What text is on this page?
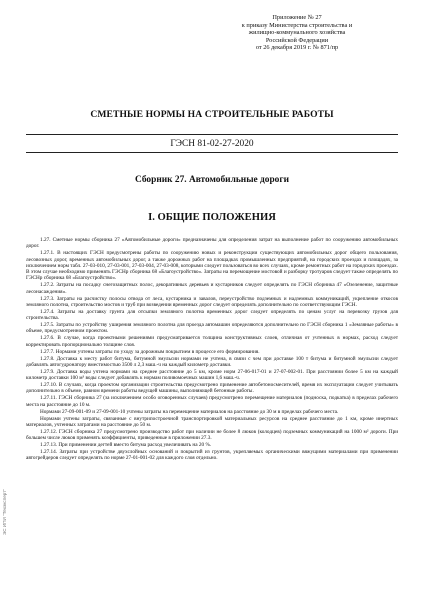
Приложение № 27
к приказу Министерства строительства и
жилищно-коммунального хозяйства
Российской Федерации
от 26 декабря 2019 г. № 871/пр
СМЕТНЫЕ НОРМЫ НА СТРОИТЕЛЬНЫЕ РАБОТЫ
ГЭСН 81-02-27-2020
Сборник 27. Автомобильные дороги
I. ОБЩИЕ ПОЛОЖЕНИЯ

1.27. Сметные нормы сборника 27 «Автомобильные дороги» предназначены для определения затрат на выполнение работ по сооружению автомобильных дорог.

1.27.1. В настоящих ГЭСН предусмотрены работы по сооружению новых и реконструкции существующих автомобильных дорог общего пользования, лесовозных дорог, временных автомобильных дорог, а также дорожных работ на площадках промышленных предприятий, на городских проездах и площадях, за исключением норм табл. 27-03-010, 27-03-001, 27-03-004, 27-03-008, которыми следует пользоваться во всех случаях, кроме ремонтных работ на городских проездах. В этом случае необходимо применять ГЭСНр сборника 68 «Благоустройство». Затраты на перемощение мостовой и разборку тротуаров следует также определять по ГЭСНр сборника 68 «Благоустройство».

1.27.2. Затраты на посадку снегозащитных полос, декоративных деревьев и кустарников следует определять по ГЭСН сборника 47 «Озеленение, защитные лесонасаждения».

1.27.3. Затраты на расчистку полосы отвода от леса, кустарника и завалов, переустройство подземных и надземных коммуникаций, укрепление откосов земляного полотна, строительство мостов и труб при возведении временных дорог следует определять дополнительно по соответствующим ГЭСН.

1.27.4. Затраты на доставку грунта для отсыпки земляного полотна временных дорог следует определять по ценам услуг на перевозку грузов для строительства.

1.27.5. Затраты по устройству уширения земляного полотна для проезда автомашин определяются дополнительно по ГЭСН сборника 1 «Земляные работы» в объеме, предусмотренном проектом.

1.27.6. В случае, когда проектными решениями предусматривается толщина конструктивных слоев, отличная от учтенных в нормах, расход следует корректировать пропорционально толщине слоя.

1.27.7. Нормами учтены затраты по уходу за дорожным покрытием в процессе его формирования.

1.27.8. Доставка к месту работ битума, битумной эмульсии нормами не учтена, в связи с чем при доставке 100 т битума и битумной эмульсии следует добавлять автогудронатору вместимостью 3500 л 2,3 маш.-ч на каждый километр доставки.

1.27.9. Доставка воды учтена нормами на среднее расстояние до 5 км, кроме норм 27-06-017-01 и 27-07-002-01. При расстоянии более 5 км на каждый километр доставки 100 м³ воды следует добавлять к нормам поливомоечных машин 1,6 маш.-ч.

1.27.10. В случаях, когда проектом организации строительства предусмотрено применение автобетоносмесителей, время их эксплуатации следует учитывать дополнительно в объеме, равном времени работы ведущей машины, выполняющей бетонные работы.

1.27.11. ГЭСН сборника 27 (за исключением особо оговоренных случаев) предусмотрено перемещение материалов (подноска, подкатка) в пределах рабочего места на расстояние до 10 м.

Нормами 27-09-001-09 и 27-09-001-10 учтены затраты на перемещение материалов на расстояние до 30 м в пределах рабочего места.

Нормами учтены затраты, связанные с внутрипостроечной транспортировкой материальных ресурсов на среднее расстояние до 1 км, кроме инертных материалов, учтенных затратами на расстояние до 50 м.

1.27.12. ГЭСН сборника 27 предусмотрено производство работ при наличии не более 8 люков (колодцев) подземных коммуникаций на 1000 м² дороги. При большем числе люков применять коэффициенты, приведенные в приложении 27.3.

1.27.13. При применении дегтей вместо битума расход увеличивать на 20 %.

1.27.14. Затраты при устройстве двухслойных оснований и покрытий из грунтов, укрепляемых органическими вяжущими материалами при применении автогрейдеров следует определять по норме 27-01-001-02 для каждого слоя отдельно.

ЭС ИПИ "Техэксперт"
